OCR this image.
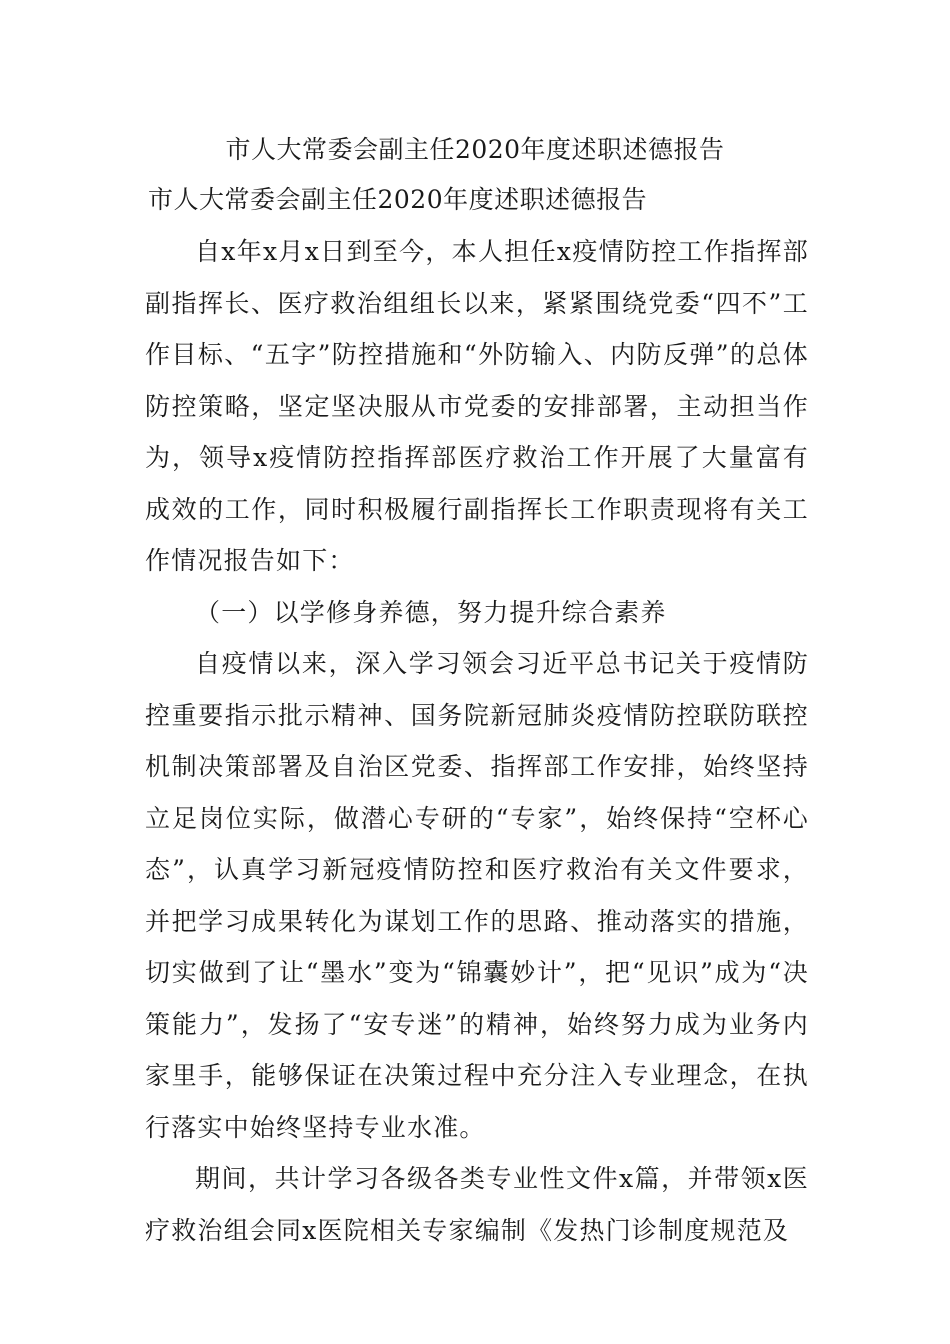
市人大常委会副主任2020年度述职述德报告
市人大常委会副主任2020年度述职述德报告

自x年x月x日到至今，本人担任x疫情防控工作指挥部副指挥长、医疗救治组组长以来，紧紧围绕党委“四不”工作目标、“五字”防控措施和“外防输入、内防反弹”的总体防控策略，坚定坚决服从市党委的安排部署，主动担当作为，领导x疫情防控指挥部医疗救治工作开展了大量富有成效的工作，同时积极履行副指挥长工作职责现将有关工作情况报告如下：

（一）以学修身养德，努力提升综合素养

自疫情以来，深入学习领会习近平总书记关于疫情防控重要指示批示精神、国务院新冠肺炎疫情防控联防联控机制决策部署及自治区党委、指挥部工作安排，始终坚持立足岗位实际，做潜心专研的“专家”，始终保持“空杯心态”，认真学习新冠疫情防控和医疗救治有关文件要求，并把学习成果转化为谋划工作的思路、推动落实的措施，切实做到了让“墨水”变为“锦囊妙计”，把“见识”成为“决策能力”，发扬了“安专迷”的精神，始终努力成为业务内家里手，能够保证在决策过程中充分注入专业理念，在执行落实中始终坚持专业水准。

期间，共计学习各级各类专业性文件x篇，并带领x医疗救治组会同x医院相关专家编制《发热门诊制度规范及
